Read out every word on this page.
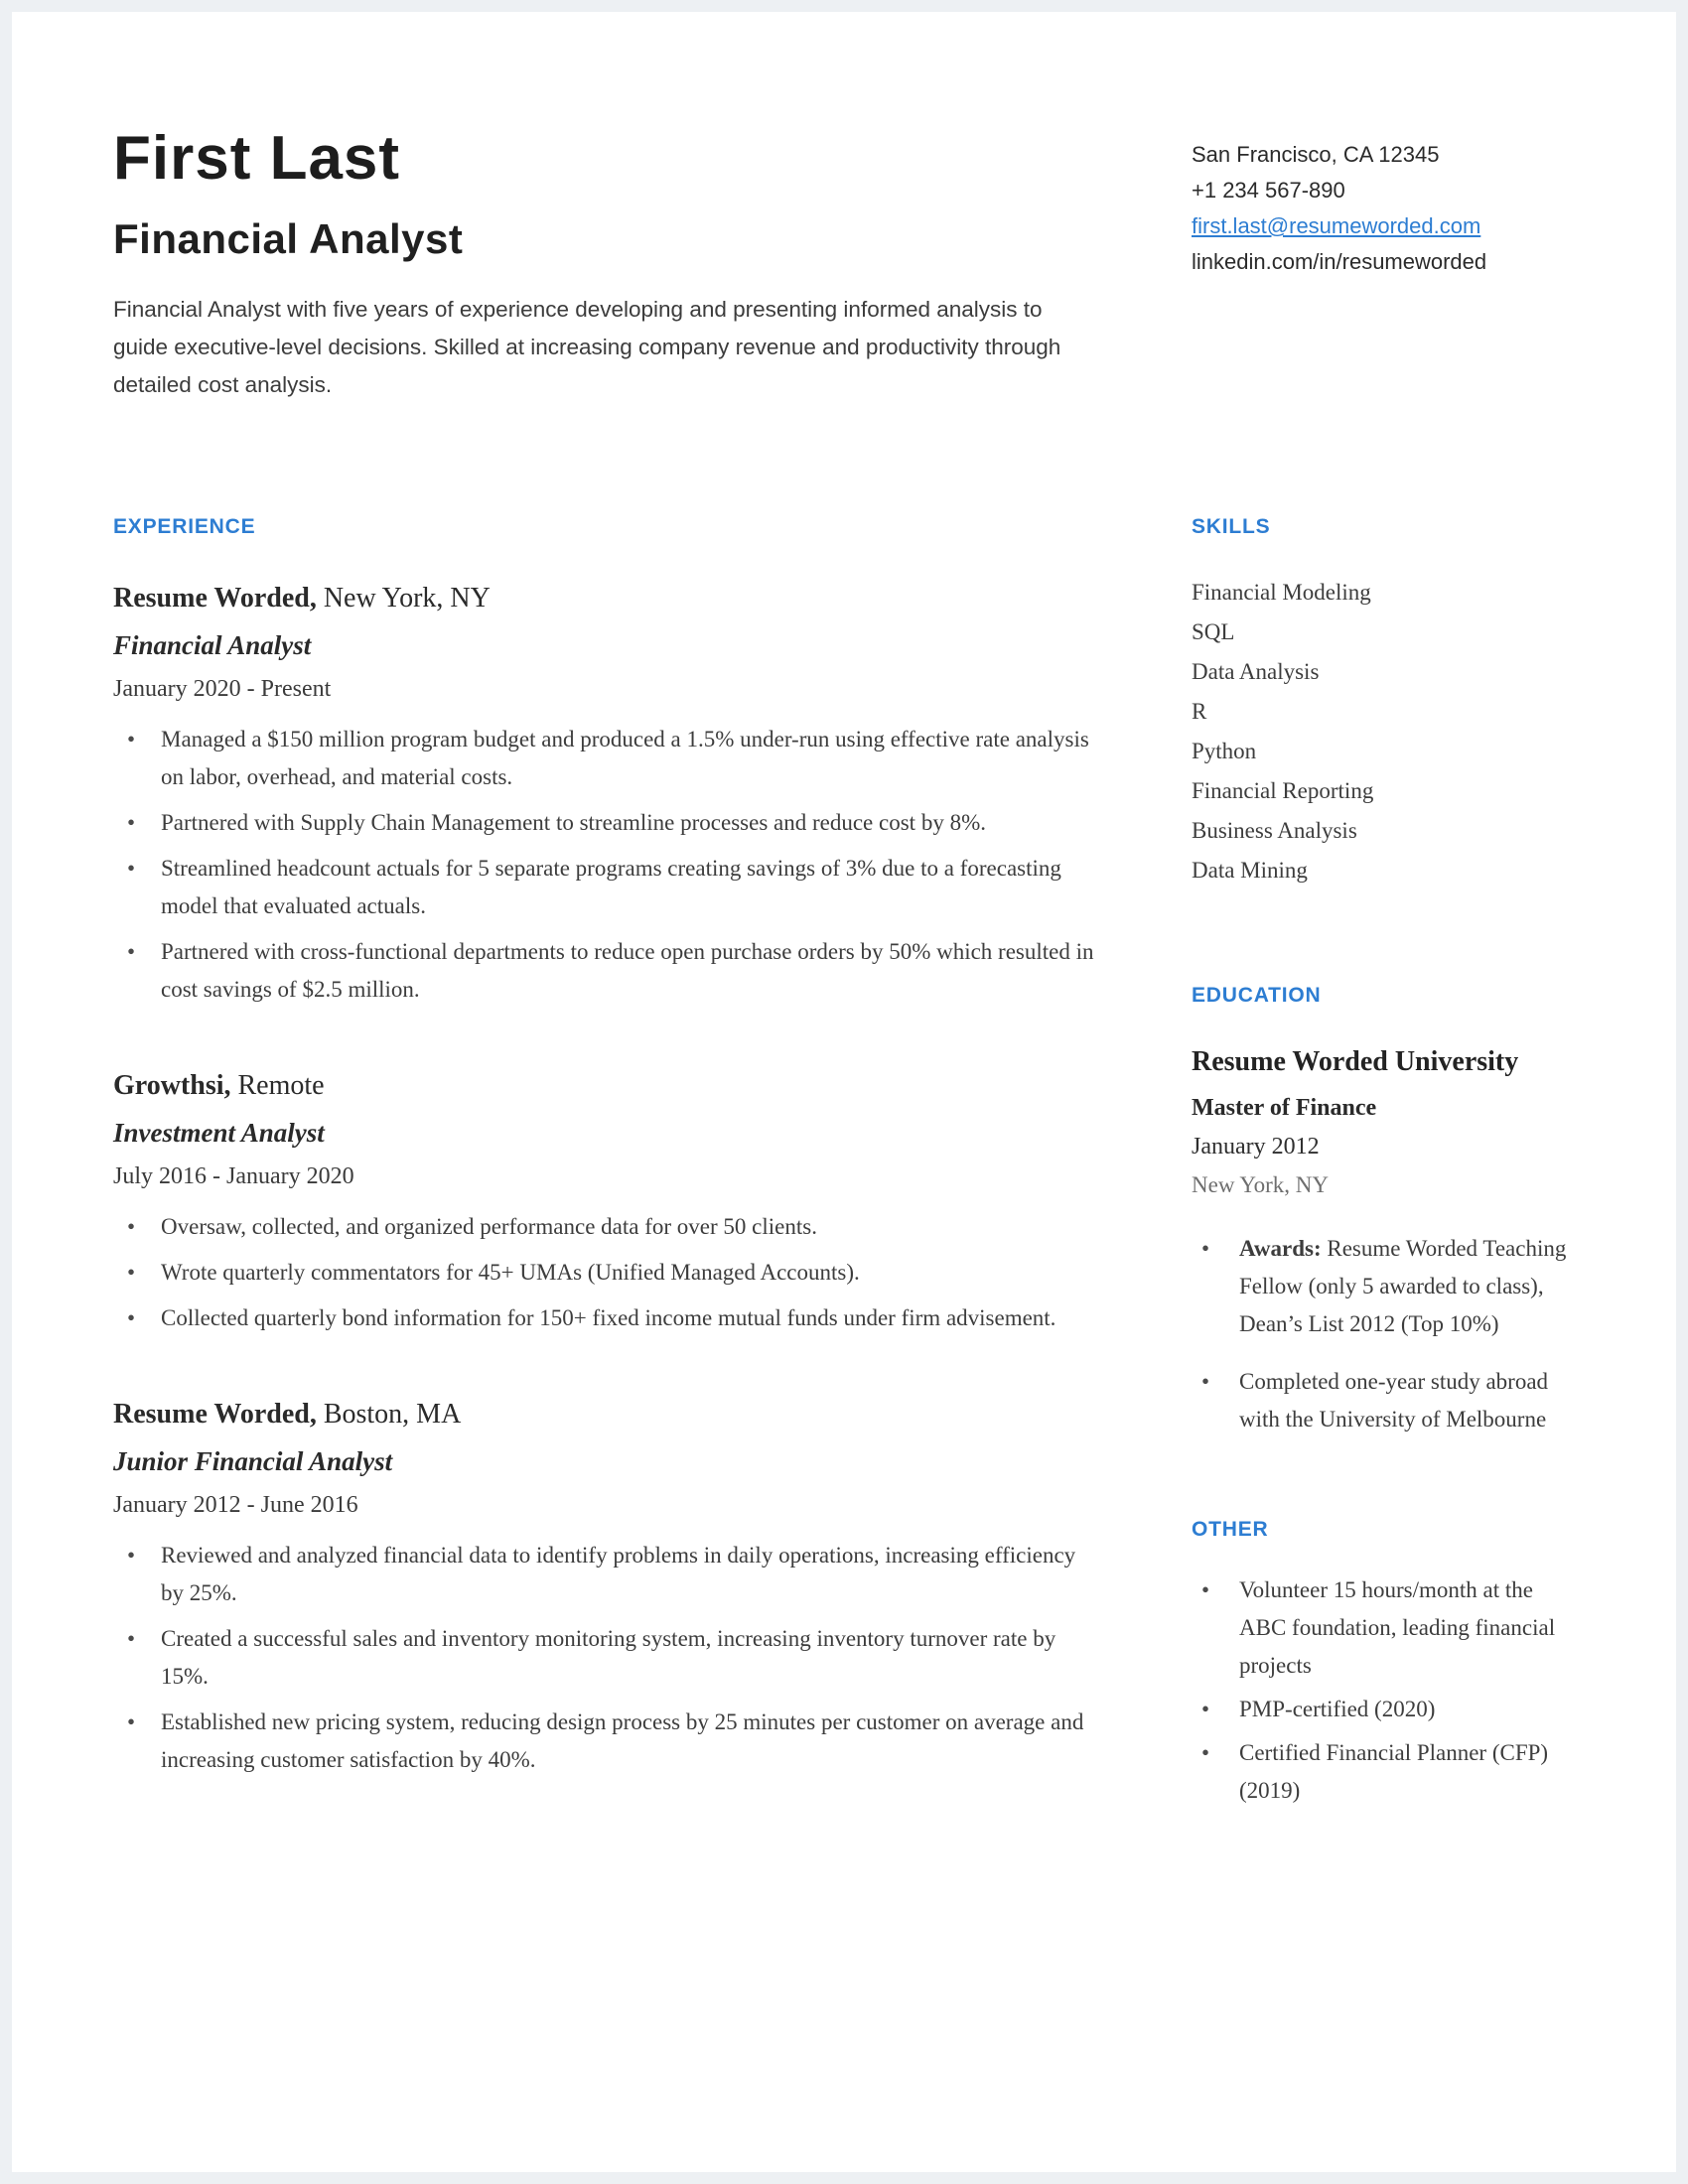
First Last
Financial Analyst
Financial Analyst with five years of experience developing and presenting informed analysis to guide executive-level decisions. Skilled at increasing company revenue and productivity through detailed cost analysis.

San Francisco, CA 12345

+1 234 567-890

first.last@resumeworded.com

linkedin.com/in/resumeworded

EXPERIENCE
Resume Worded, New York, NY
Financial Analyst
January 2020 - Present
• Managed a $150 million program budget and produced a 1.5% under-run using effective rate analysis on labor, overhead, and material costs.
• Partnered with Supply Chain Management to streamline processes and reduce cost by 8%.
• Streamlined headcount actuals for 5 separate programs creating savings of 3% due to a forecasting model that evaluated actuals.
• Partnered with cross-functional departments to reduce open purchase orders by 50% which resulted in cost savings of $2.5 million.
Growthsi, Remote
Investment Analyst
July 2016 - January 2020
• Oversaw, collected, and organized performance data for over 50 clients.
• Wrote quarterly commentators for 45+ UMAs (Unified Managed Accounts).
• Collected quarterly bond information for 150+ fixed income mutual funds under firm advisement.
Resume Worded, Boston, MA
Junior Financial Analyst
January 2012 - June 2016
• Reviewed and analyzed financial data to identify problems in daily operations, increasing efficiency by 25%.
• Created a successful sales and inventory monitoring system, increasing inventory turnover rate by 15%.
• Established new pricing system, reducing design process by 25 minutes per customer on average and increasing customer satisfaction by 40%.
SKILLS

Financial Modeling

SQL

Data Analysis

R

Python

Financial Reporting

Business Analysis

Data Mining

EDUCATION
Resume Worded University
Master of Finance
January 2012
New York, NY
• Awards: Resume Worded Teaching Fellow (only 5 awarded to class), Dean’s List 2012 (Top 10%)
• Completed one-year study abroad with the University of Melbourne
OTHER
• Volunteer 15 hours/month at the ABC foundation, leading financial projects
• PMP-certified (2020)
• Certified Financial Planner (CFP) (2019)
